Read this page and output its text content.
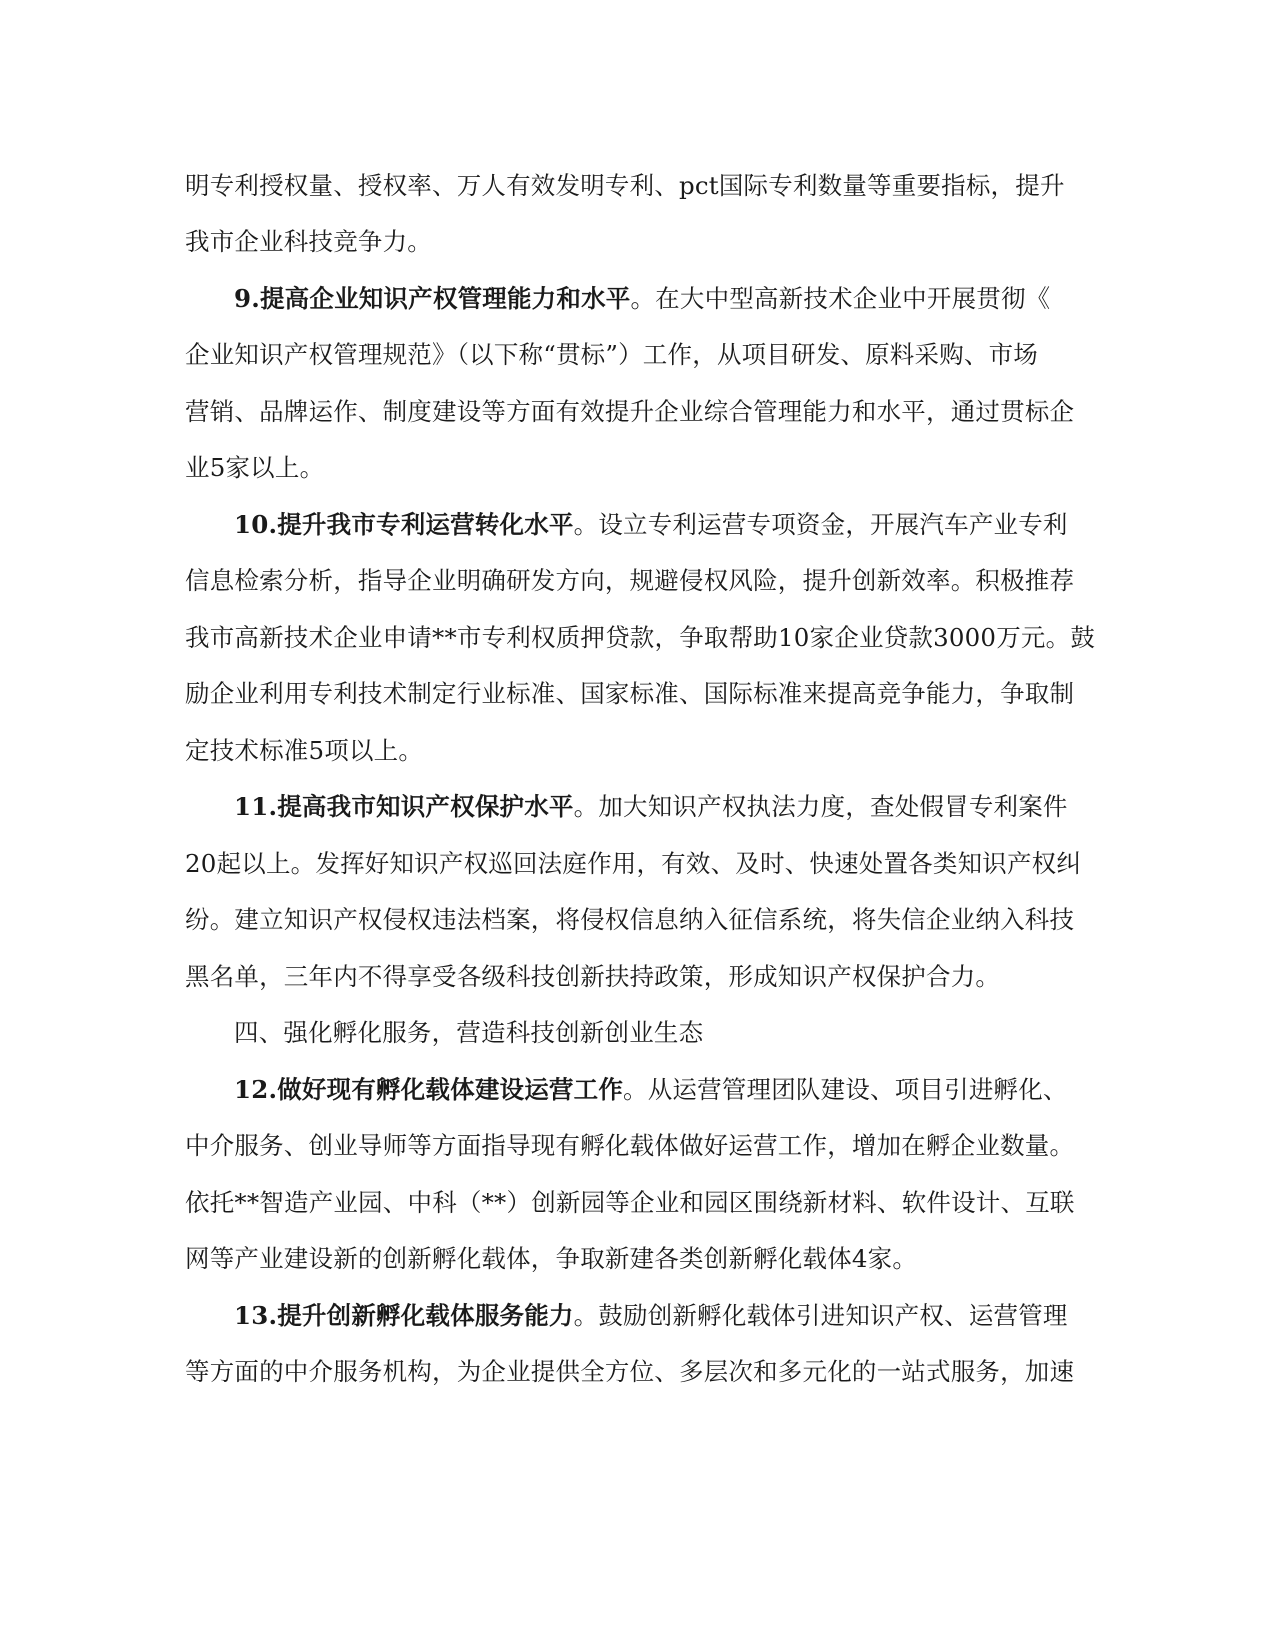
明专利授权量、授权率、万人有效发明专利、pct国际专利数量等重要指标，提升
我市企业科技竞争力。
9.提高企业知识产权管理能力和水平。在大中型高新技术企业中开展贯彻《
企业知识产权管理规范》（以下称“贯标”）工作，从项目研发、原料采购、市场
营销、品牌运作、制度建设等方面有效提升企业综合管理能力和水平，通过贯标企
业5家以上。
10.提升我市专利运营转化水平。设立专利运营专项资金，开展汽车产业专利
信息检索分析，指导企业明确研发方向，规避侵权风险，提升创新效率。积极推荐
我市高新技术企业申请**市专利权质押贷款，争取帮助10家企业贷款3000万元。鼓
励企业利用专利技术制定行业标准、国家标准、国际标准来提高竞争能力，争取制
定技术标准5项以上。
11.提高我市知识产权保护水平。加大知识产权执法力度，查处假冒专利案件
20起以上。发挥好知识产权巡回法庭作用，有效、及时、快速处置各类知识产权纠
纷。建立知识产权侵权违法档案，将侵权信息纳入征信系统，将失信企业纳入科技
黑名单，三年内不得享受各级科技创新扶持政策，形成知识产权保护合力。
四、强化孵化服务，营造科技创新创业生态
12.做好现有孵化载体建设运营工作。从运营管理团队建设、项目引进孵化、
中介服务、创业导师等方面指导现有孵化载体做好运营工作，增加在孵企业数量。
依托**智造产业园、中科（**）创新园等企业和园区围绕新材料、软件设计、互联
网等产业建设新的创新孵化载体，争取新建各类创新孵化载体4家。
13.提升创新孵化载体服务能力。鼓励创新孵化载体引进知识产权、运营管理
等方面的中介服务机构，为企业提供全方位、多层次和多元化的一站式服务，加速
